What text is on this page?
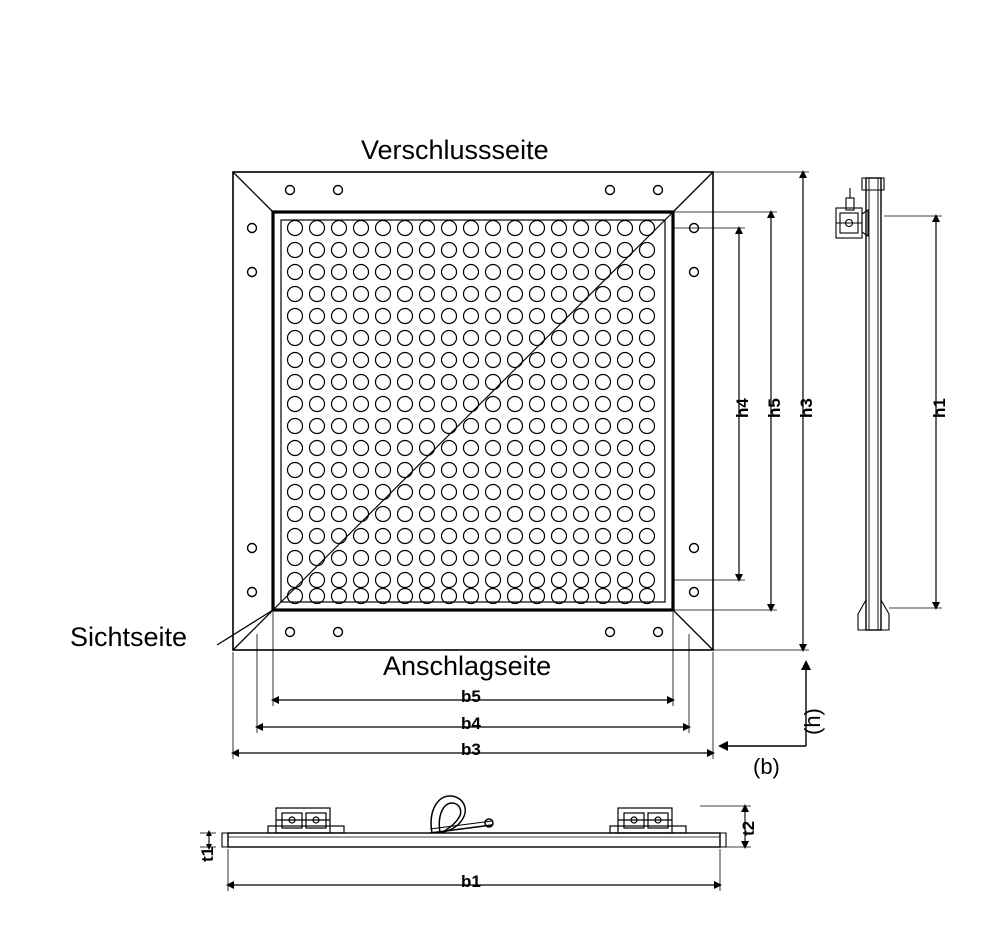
Verschlussseite
Anschlagseite
Sichtseite
h4 h5 h3	h1
b5
b4
b3
(b)
(h)
b1
t1
t2
